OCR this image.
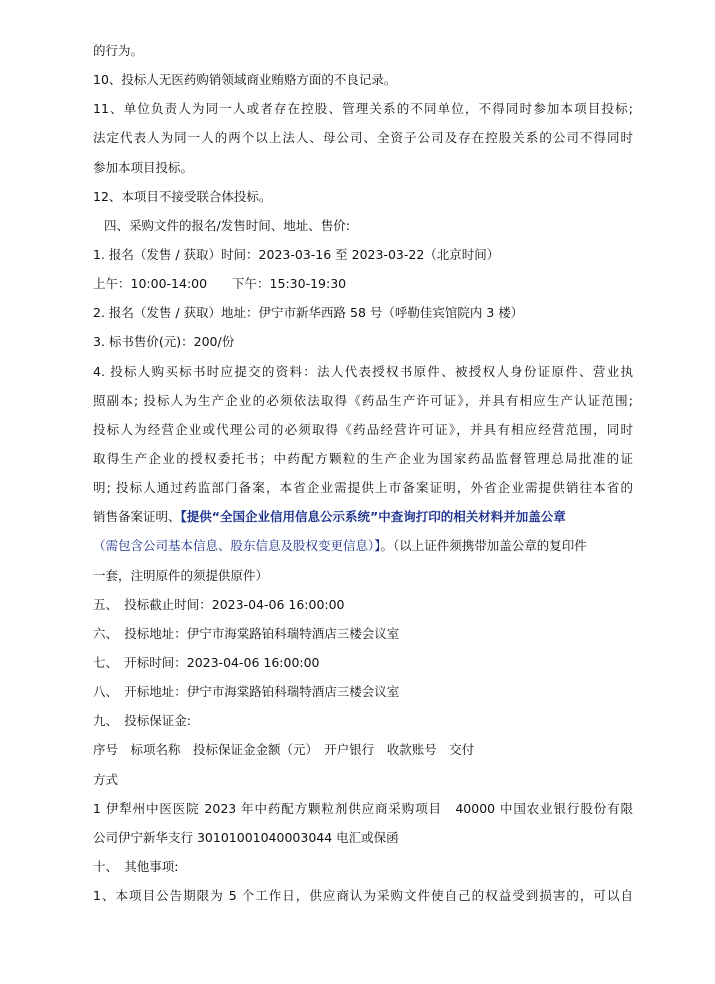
的行为。
10、投标人无医药购销领域商业贿赂方面的不良记录。
11、单位负责人为同一人或者存在控股、管理关系的不同单位，不得同时参加本项目投标;
法定代表人为同一人的两个以上法人、母公司、全资子公司及存在控股关系的公司不得同时
参加本项目投标。
12、本项目不接受联合体投标。
四、采购文件的报名/发售时间、地址、售价:
1. 报名（发售 / 获取）时间：2023-03-16 至 2023-03-22（北京时间）
上午：10:00-14:00　　下午：15:30-19:30
2. 报名（发售 / 获取）地址：伊宁市新华西路 58 号（呼勒佳宾馆院内 3 楼）
3. 标书售价(元)：200/份
4. 投标人购买标书时应提交的资料：法人代表授权书原件、被授权人身份证原件、营业执
照副本; 投标人为生产企业的必须依法取得《药品生产许可证》，并具有相应生产认证范围;
投标人为经营企业或代理公司的必须取得《药品经营许可证》，并具有相应经营范围，同时
取得生产企业的授权委托书；中药配方颗粒的生产企业为国家药品监督管理总局批准的证
明; 投标人通过药监部门备案，本省企业需提供上市备案证明，外省企业需提供销往本省的
销售备案证明、【提供“全国企业信用信息公示系统”中查询打印的相关材料并加盖公章
（需包含公司基本信息、股东信息及股权变更信息）】。（以上证件须携带加盖公章的复印件
一套，注明原件的须提供原件）
五、　投标截止时间：2023-04-06 16:00:00
六、　投标地址：伊宁市海棠路铂科瑞特酒店三楼会议室
七、　开标时间：2023-04-06 16:00:00
八、　开标地址：伊宁市海棠路铂科瑞特酒店三楼会议室
九、　投标保证金:
序号　标项名称　投标保证金金额（元）　开户银行　收款账号　交付
方式
1 伊犁州中医医院 2023 年中药配方颗粒剂供应商采购项目　40000 中国农业银行股份有限
公司伊宁新华支行 30101001040003044 电汇或保函
十、　其他事项:
1、本项目公告期限为 5 个工作日，供应商认为采购文件使自己的权益受到损害的，可以自
